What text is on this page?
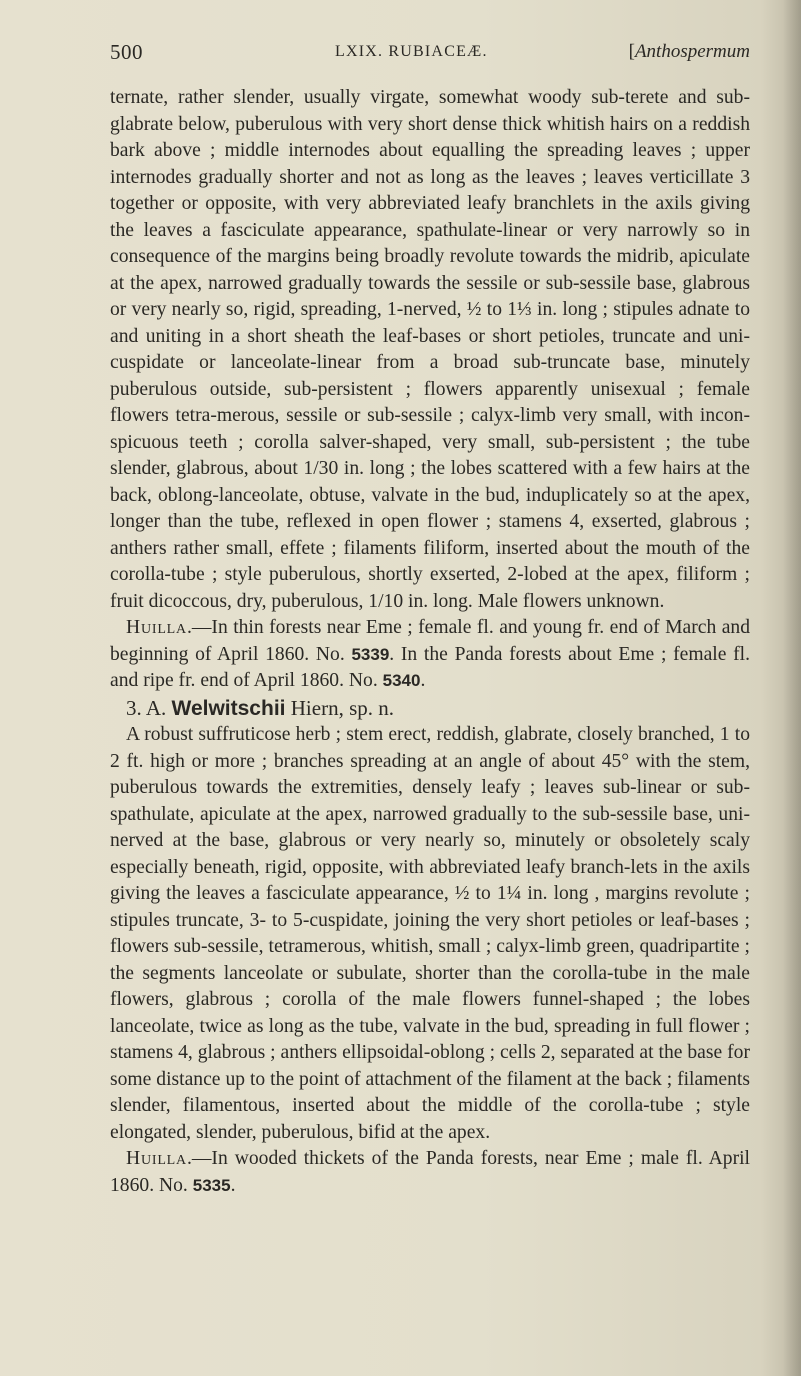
500	LXIX. RUBIACEÆ.	[Anthospermum

ternate, rather slender, usually virgate, somewhat woody sub-terete and sub-glabrate below, puberulous with very short dense thick whitish hairs on a reddish bark above ; middle internodes about equalling the spreading leaves ; upper internodes gradually shorter and not as long as the leaves ; leaves verticillate 3 together or opposite, with very abbreviated leafy branchlets in the axils giving the leaves a fasciculate appearance, spathulate-linear or very narrowly so in consequence of the margins being broadly revolute towards the midrib, apiculate at the apex, narrowed gradually towards the sessile or sub-sessile base, glabrous or very nearly so, rigid, spreading, 1-nerved, ½ to 1⅓ in. long ; stipules adnate to and uniting in a short sheath the leaf-bases or short petioles, truncate and uni-cuspidate or lanceolate-linear from a broad sub-truncate base, minutely puberulous outside, sub-persistent ; flowers apparently unisexual ; female flowers tetra-merous, sessile or sub-sessile ; calyx-limb very small, with incon-spicuous teeth ; corolla salver-shaped, very small, sub-persistent ; the tube slender, glabrous, about 1/30 in. long ; the lobes scattered with a few hairs at the back, oblong-lanceolate, obtuse, valvate in the bud, induplicately so at the apex, longer than the tube, reflexed in open flower ; stamens 4, exserted, glabrous ; anthers rather small, effete ; filaments filiform, inserted about the mouth of the corolla-tube ; style puberulous, shortly exserted, 2-lobed at the apex, filiform ; fruit dicoccous, dry, puberulous, 1/10 in. long. Male flowers unknown.

Huilla.—In thin forests near Eme ; female fl. and young fr. end of March and beginning of April 1860. No. 5339. In the Panda forests about Eme ; female fl. and ripe fr. end of April 1860. No. 5340.

3. A. Welwitschii Hiern, sp. n.

A robust suffruticose herb ; stem erect, reddish, glabrate, closely branched, 1 to 2 ft. high or more ; branches spreading at an angle of about 45° with the stem, puberulous towards the extremities, densely leafy ; leaves sub-linear or sub-spathulate, apiculate at the apex, narrowed gradually to the sub-sessile base, uni-nerved at the base, glabrous or very nearly so, minutely or obsoletely scaly especially beneath, rigid, opposite, with abbreviated leafy branch-lets in the axils giving the leaves a fasciculate appearance, ½ to 1¼ in. long , margins revolute ; stipules truncate, 3- to 5-cuspidate, joining the very short petioles or leaf-bases ; flowers sub-sessile, tetramerous, whitish, small ; calyx-limb green, quadripartite ; the segments lanceolate or subulate, shorter than the corolla-tube in the male flowers, glabrous ; corolla of the male flowers funnel-shaped ; the lobes lanceolate, twice as long as the tube, valvate in the bud, spreading in full flower ; stamens 4, glabrous ; anthers ellipsoidal-oblong ; cells 2, separated at the base for some distance up to the point of attachment of the filament at the back ; filaments slender, filamentous, inserted about the middle of the corolla-tube ; style elongated, slender, puberulous, bifid at the apex.

Huilla.—In wooded thickets of the Panda forests, near Eme ; male fl. April 1860. No. 5335.
